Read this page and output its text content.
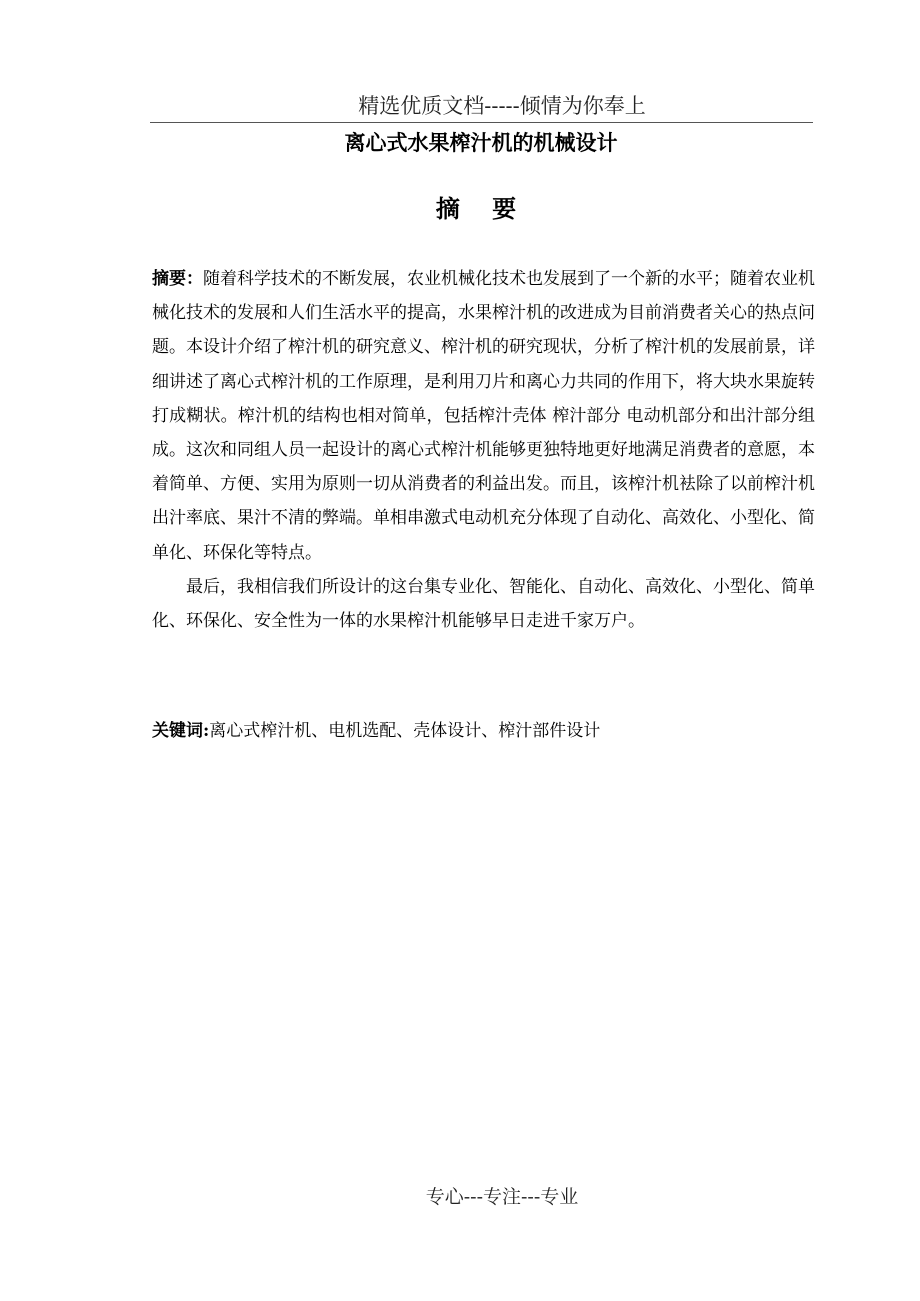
精选优质文档-----倾情为你奉上
离心式水果榨汁机的机械设计
摘 要

摘要：随着科学技术的不断发展，农业机械化技术也发展到了一个新的水平；随着农业机械化技术的发展和人们生活水平的提高，水果榨汁机的改进成为目前消费者关心的热点问题。本设计介绍了榨汁机的研究意义、榨汁机的研究现状，分析了榨汁机的发展前景，详细讲述了离心式榨汁机的工作原理，是利用刀片和离心力共同的作用下，将大块水果旋转打成糊状。榨汁机的结构也相对简单，包括榨汁壳体 榨汁部分 电动机部分和出汁部分组成。这次和同组人员一起设计的离心式榨汁机能够更独特地更好地满足消费者的意愿，本着简单、方便、实用为原则一切从消费者的利益出发。而且，该榨汁机袪除了以前榨汁机出汁率底、果汁不清的弊端。单相串激式电动机充分体现了自动化、高效化、小型化、简单化、环保化等特点。

最后，我相信我们所设计的这台集专业化、智能化、自动化、高效化、小型化、简单化、环保化、安全性为一体的水果榨汁机能够早日走进千家万户。

关键词:离心式榨汁机、电机选配、壳体设计、榨汁部件设计
专心---专注---专业
